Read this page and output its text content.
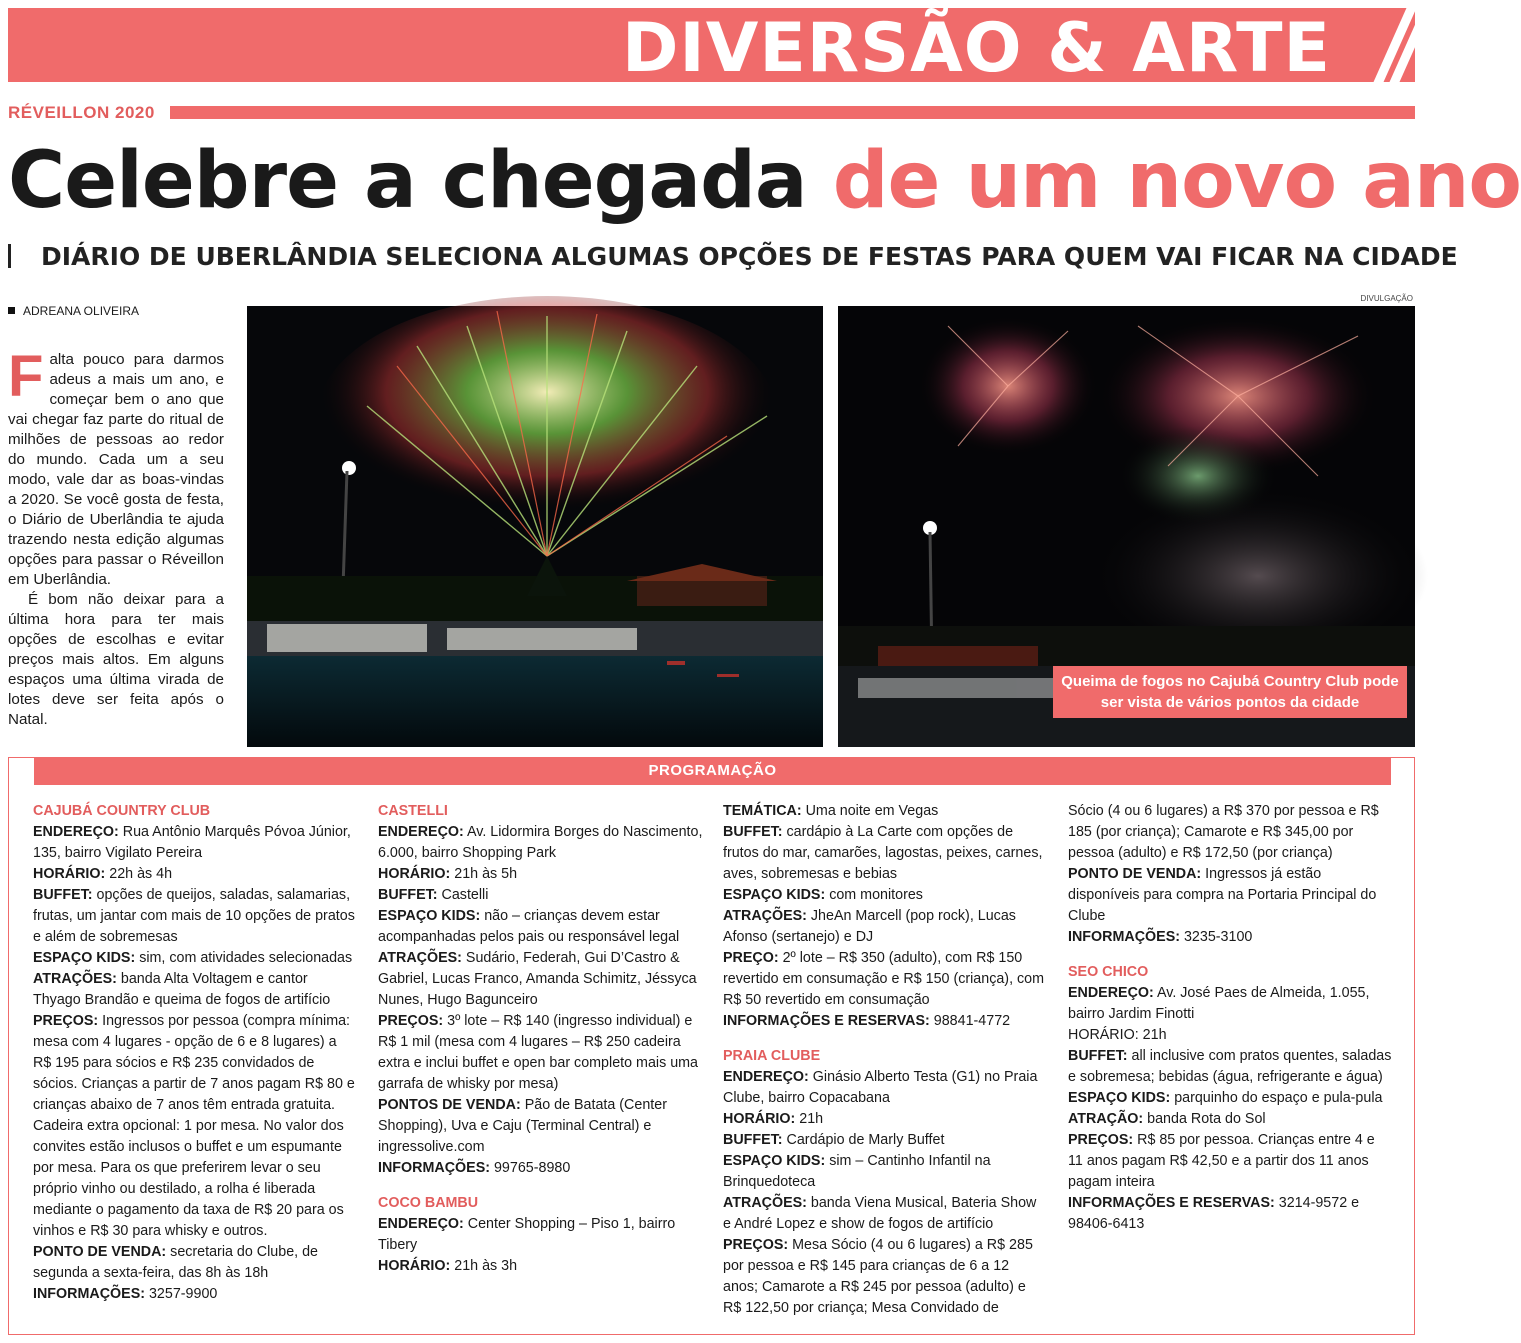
DIVERSÃO & ARTE
RÉVEILLON 2020
Celebre a chegada de um novo ano
DIÁRIO DE UBERLÂNDIA SELECIONA ALGUMAS OPÇÕES DE FESTAS PARA QUEM VAI FICAR NA CIDADE
ADREANA OLIVEIRA
DIVULGAÇÃO

Falta pouco para darmos adeus a mais um ano, e começar bem o ano que vai chegar faz parte do ritual de milhões de pessoas ao redor do mundo. Cada um a seu modo, vale dar as boas-vindas a 2020. Se você gosta de festa, o Diário de Uberlândia te ajuda trazendo nesta edição algumas opções para passar o Réveillon em Uberlândia.

É bom não deixar para a última hora para ter mais opções de escolhas e evitar preços mais altos. Em alguns espaços uma última virada de lotes deve ser feita após o Natal.

Queima de fogos no Cajubá Country Club pode ser vista de vários pontos da cidade
PROGRAMAÇÃO

CAJUBÁ COUNTRY CLUB

ENDEREÇO: Rua Antônio Marquês Póvoa Júnior, 135, bairro Vigilato Pereira

HORÁRIO: 22h às 4h

BUFFET: opções de queijos, saladas, salamarias, frutas, um jantar com mais de 10 opções de pratos e além de sobremesas

ESPAÇO KIDS: sim, com atividades selecionadas

ATRAÇÕES: banda Alta Voltagem e cantor Thyago Brandão e queima de fogos de artifício

PREÇOS: Ingressos por pessoa (compra mínima: mesa com 4 lugares - opção de 6 e 8 lugares) a R$ 195 para sócios e R$ 235 convidados de sócios. Crianças a partir de 7 anos pagam R$ 80 e crianças abaixo de 7 anos têm entrada gratuita. Cadeira extra opcional: 1 por mesa. No valor dos convites estão inclusos o buffet e um espumante por mesa. Para os que preferirem levar o seu próprio vinho ou destilado, a rolha é liberada mediante o pagamento da taxa de R$ 20 para os vinhos e R$ 30 para whisky e outros.

PONTO DE VENDA: secretaria do Clube, de segunda a sexta-feira, das 8h às 18h

INFORMAÇÕES: 3257-9900

CASTELLI

ENDEREÇO: Av. Lidormira Borges do Nascimento, 6.000, bairro Shopping Park

HORÁRIO: 21h às 5h

BUFFET: Castelli

ESPAÇO KIDS: não – crianças devem estar acompanhadas pelos pais ou responsável legal

ATRAÇÕES: Sudário, Federah, Gui D’Castro & Gabriel, Lucas Franco, Amanda Schimitz, Jéssyca Nunes, Hugo Bagunceiro

PREÇOS: 3º lote – R$ 140 (ingresso individual) e R$ 1 mil (mesa com 4 lugares – R$ 250 cadeira extra e inclui buffet e open bar completo mais uma garrafa de whisky por mesa)

PONTOS DE VENDA: Pão de Batata (Center Shopping), Uva e Caju (Terminal Central) e ingressolive.com

INFORMAÇÕES: 99765-8980

COCO BAMBU

ENDEREÇO: Center Shopping – Piso 1, bairro Tibery

HORÁRIO: 21h às 3h

TEMÁTICA: Uma noite em Vegas

BUFFET: cardápio à La Carte com opções de frutos do mar, camarões, lagostas, peixes, carnes, aves, sobremesas e bebias

ESPAÇO KIDS: com monitores

ATRAÇÕES: JheAn Marcell (pop rock), Lucas Afonso (sertanejo) e DJ

PREÇO: 2º lote – R$ 350 (adulto), com R$ 150 revertido em consumação e R$ 150 (criança), com R$ 50 revertido em consumação

INFORMAÇÕES E RESERVAS: 98841-4772

PRAIA CLUBE

ENDEREÇO: Ginásio Alberto Testa (G1) no Praia Clube, bairro Copacabana

HORÁRIO: 21h

BUFFET: Cardápio de Marly Buffet

ESPAÇO KIDS: sim – Cantinho Infantil na Brinquedoteca

ATRAÇÕES: banda Viena Musical, Bateria Show e André Lopez e show de fogos de artifício

PREÇOS: Mesa Sócio (4 ou 6 lugares) a R$ 285 por pessoa e R$ 145 para crianças de 6 a 12 anos; Camarote a R$ 245 por pessoa (adulto) e R$ 122,50 por criança; Mesa Convidado de

Sócio (4 ou 6 lugares) a R$ 370 por pessoa e R$ 185 (por criança); Camarote e R$ 345,00 por pessoa (adulto) e R$ 172,50 (por criança)

PONTO DE VENDA: Ingressos já estão disponíveis para compra na Portaria Principal do Clube

INFORMAÇÕES: 3235-3100

SEO CHICO

ENDEREÇO: Av. José Paes de Almeida, 1.055, bairro Jardim Finotti

HORÁRIO: 21h

BUFFET: all inclusive com pratos quentes, saladas e sobremesa; bebidas (água, refrigerante e água)

ESPAÇO KIDS: parquinho do espaço e pula-pula

ATRAÇÃO: banda Rota do Sol

PREÇOS: R$ 85 por pessoa. Crianças entre 4 e 11 anos pagam R$ 42,50 e a partir dos 11 anos pagam inteira

INFORMAÇÕES E RESERVAS: 3214-9572 e 98406-6413
